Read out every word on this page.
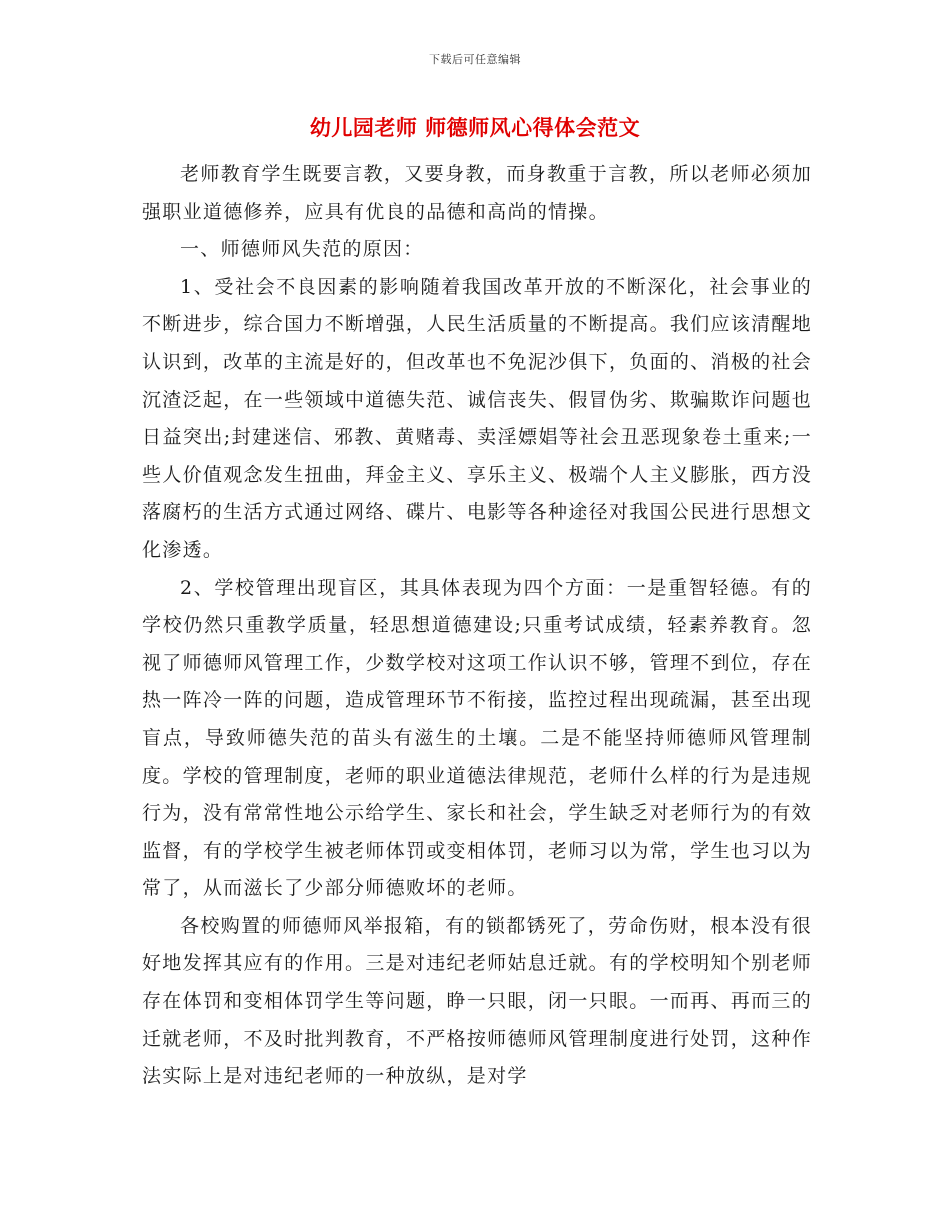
下载后可任意编辑
幼儿园老师 师德师风心得体会范文

老师教育学生既要言教，又要身教，而身教重于言教，所以老师必须加强职业道德修养，应具有优良的品德和高尚的情操。

一、师德师风失范的原因：

1、受社会不良因素的影响随着我国改革开放的不断深化，社会事业的不断进步，综合国力不断增强，人民生活质量的不断提高。我们应该清醒地认识到，改革的主流是好的，但改革也不免泥沙俱下，负面的、消极的社会沉渣泛起，在一些领域中道德失范、诚信丧失、假冒伪劣、欺骗欺诈问题也日益突出;封建迷信、邪教、黄赌毒、卖淫嫖娼等社会丑恶现象卷土重来;一些人价值观念发生扭曲，拜金主义、享乐主义、极端个人主义膨胀，西方没落腐朽的生活方式通过网络、碟片、电影等各种途径对我国公民进行思想文化渗透。

2、学校管理出现盲区，其具体表现为四个方面：一是重智轻德。有的学校仍然只重教学质量，轻思想道德建设;只重考试成绩，轻素养教育。忽视了师德师风管理工作，少数学校对这项工作认识不够，管理不到位，存在热一阵冷一阵的问题，造成管理环节不衔接，监控过程出现疏漏，甚至出现盲点，导致师德失范的苗头有滋生的土壤。二是不能坚持师德师风管理制度。学校的管理制度，老师的职业道德法律规范，老师什么样的行为是违规行为，没有常常性地公示给学生、家长和社会，学生缺乏对老师行为的有效监督，有的学校学生被老师体罚或变相体罚，老师习以为常，学生也习以为常了，从而滋长了少部分师德败坏的老师。

各校购置的师德师风举报箱，有的锁都锈死了，劳命伤财，根本没有很好地发挥其应有的作用。三是对违纪老师姑息迁就。有的学校明知个别老师存在体罚和变相体罚学生等问题，睁一只眼，闭一只眼。一而再、再而三的迁就老师，不及时批判教育，不严格按师德师风管理制度进行处罚，这种作法实际上是对违纪老师的一种放纵，是对学
